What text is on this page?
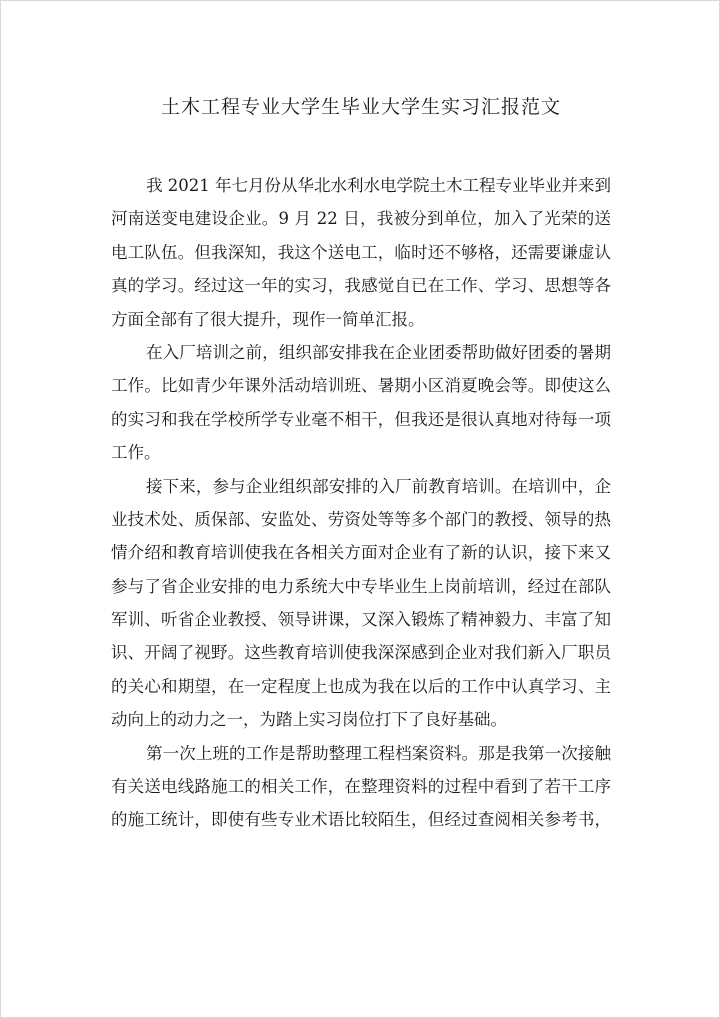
土木工程专业大学生毕业大学生实习汇报范文
我 2021 年七月份从华北水利水电学院土木工程专业毕业并来到
河南送变电建设企业。9 月 22 日，我被分到单位，加入了光荣的送
电工队伍。但我深知，我这个送电工，临时还不够格，还需要谦虚认
真的学习。经过这一年的实习，我感觉自已在工作、学习、思想等各
方面全部有了很大提升，现作一简单汇报。
在入厂培训之前，组织部安排我在企业团委帮助做好团委的暑期
工作。比如青少年课外活动培训班、暑期小区消夏晚会等。即使这么
的实习和我在学校所学专业毫不相干，但我还是很认真地对待每一项
工作。
接下来，参与企业组织部安排的入厂前教育培训。在培训中，企
业技术处、质保部、安监处、劳资处等等多个部门的教授、领导的热
情介绍和教育培训使我在各相关方面对企业有了新的认识，接下来又
参与了省企业安排的电力系统大中专毕业生上岗前培训，经过在部队
军训、听省企业教授、领导讲课，又深入锻炼了精神毅力、丰富了知
识、开阔了视野。这些教育培训使我深深感到企业对我们新入厂职员
的关心和期望，在一定程度上也成为我在以后的工作中认真学习、主
动向上的动力之一，为踏上实习岗位打下了良好基础。
第一次上班的工作是帮助整理工程档案资料。那是我第一次接触
有关送电线路施工的相关工作，在整理资料的过程中看到了若干工序
的施工统计，即使有些专业术语比较陌生，但经过查阅相关参考书，
